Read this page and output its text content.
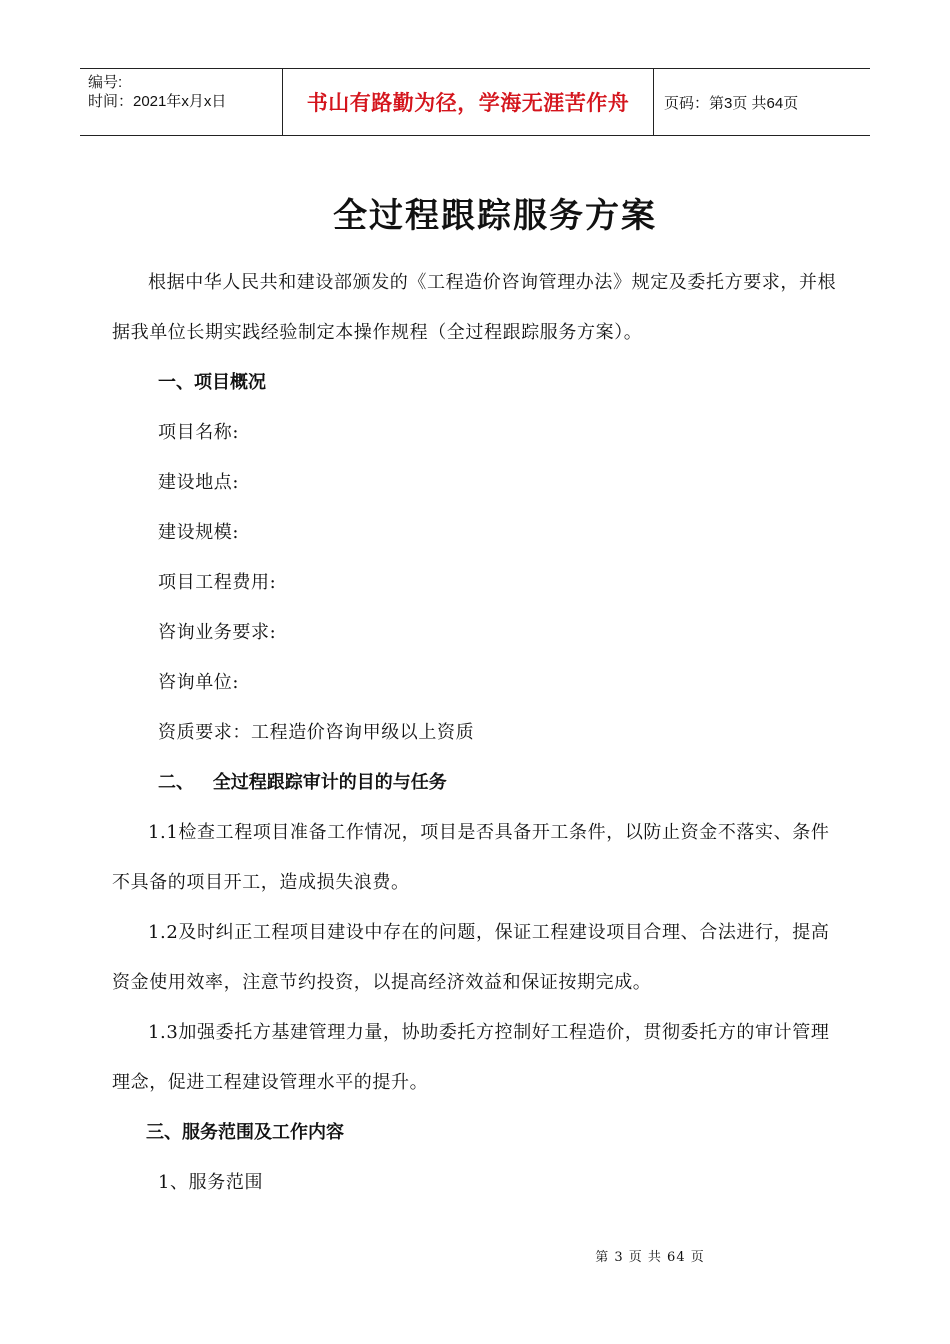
编号:
时间：2021年x月x日	书山有路勤为径，学海无涯苦作舟	页码：第3页 共64页
全过程跟踪服务方案

根据中华人民共和建设部颁发的《工程造价咨询管理办法》规定及委托方要求，并根据我单位长期实践经验制定本操作规程（全过程跟踪服务方案）。

一、项目概况

项目名称:

建设地点:

建设规模:

项目工程费用:

咨询业务要求:

咨询单位:

资质要求：工程造价咨询甲级以上资质

二、   全过程跟踪审计的目的与任务

1.1检查工程项目准备工作情况，项目是否具备开工条件，以防止资金不落实、条件不具备的项目开工，造成损失浪费。

1.2及时纠正工程项目建设中存在的问题，保证工程建设项目合理、合法进行，提高资金使用效率，注意节约投资，以提高经济效益和保证按期完成。

1.3加强委托方基建管理力量，协助委托方控制好工程造价，贯彻委托方的审计管理理念，促进工程建设管理水平的提升。

三、服务范围及工作内容

1、服务范围

第 3 页 共 64 页
